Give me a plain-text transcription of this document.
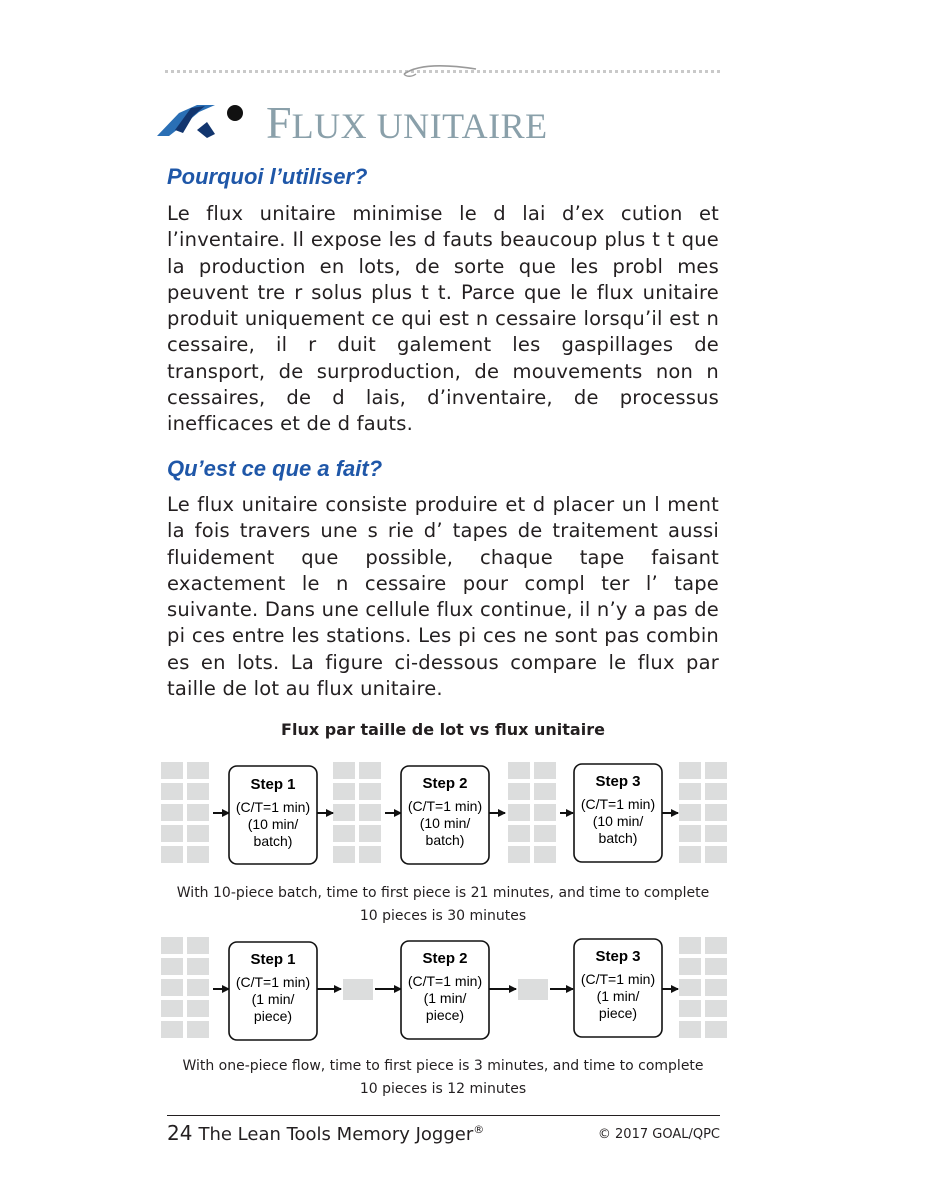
FLUX UNITAIRE
Pourquoi l’utiliser?

Le flux unitaire minimise le d lai d’ex cution et l’inventaire. Il expose les d fauts beaucoup plus t t que la production en lots, de sorte que les probl mes peuvent tre r solus plus t t. Parce que le flux unitaire produit uniquement ce qui est n cessaire lorsqu’il est n cessaire, il r duit galement les gaspillages de transport, de surproduction, de mouvements non n cessaires, de d lais, d’inventaire, de processus inefficaces et de d fauts.

Qu’est ce que a fait?

Le flux unitaire consiste produire et d placer un l ment la fois travers une s rie d’ tapes de traitement aussi fluidement que possible, chaque tape faisant exactement le n cessaire pour compl ter l’ tape suivante. Dans une cellule flux continue, il n’y a pas de pi ces entre les stations. Les pi ces ne sont pas combin es en lots. La figure ci-dessous compare le flux par taille de lot au flux unitaire.

Flux par taille de lot vs flux unitaire
Step 1
(C/T=1 min)
(10 min/
batch)
Step 2
(C/T=1 min)
(10 min/
batch)
Step 3
(C/T=1 min)
(10 min/
batch)
With 10-piece batch, time to first piece is 21 minutes, and time to complete
10 pieces is 30 minutes
Step 1
(C/T=1 min)
(1 min/
piece)
Step 2
(C/T=1 min)
(1 min/
piece)
Step 3
(C/T=1 min)
(1 min/
piece)
With one-piece flow, time to first piece is 3 minutes, and time to complete
10 pieces is 12 minutes
24 The Lean Tools Memory Jogger®	© 2017 GOAL/QPC
